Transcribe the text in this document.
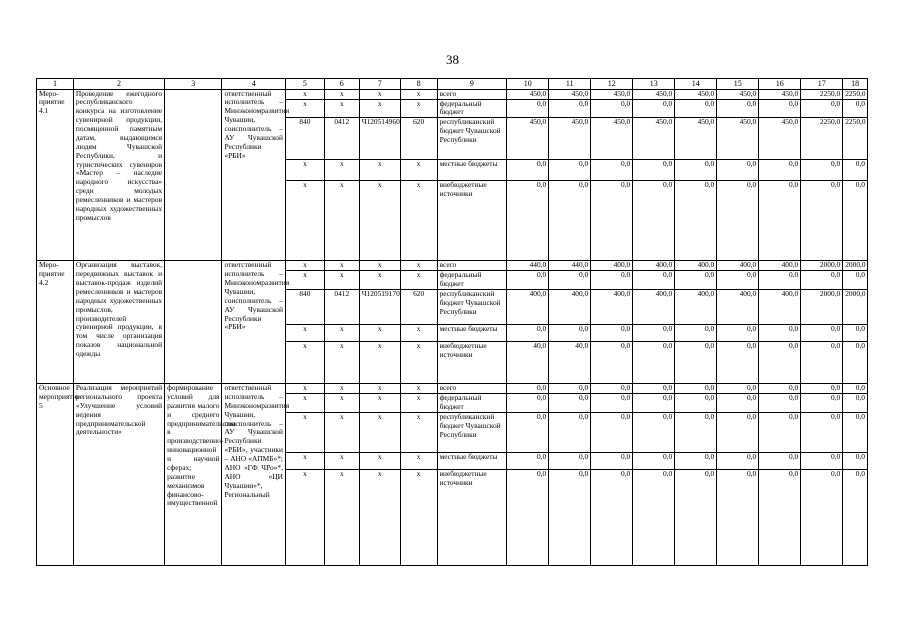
38
1	2	3	4	5	6	7	8	9	10	11	12	13	14	15	16	17	18
Меро-приятие 4.1	Проведение ежегодного республиканского конкурса на изготовление сувенирной продукции, посвященной памятным датам, выдающимся людям Чувашской Республики, и туристических сувениров «Мастер – наследие народного искусства» среди молодых ремесленников и мастеров народных художественных промыслов		ответственный исполнитель – Минэкономразвития Чувашии, соисполнитель – АУ Чувашской Республики «РБИ»	x	x	x	x	всего	450,0	450,0	450,0	450,0	450,0	450,0	450,0	2250,0	2250,0
				x	x	x	x	федеральный бюджет	0,0	0,0	0,0	0,0	0,0	0,0	0,0	0,0	0,0
				840	0412	Ч120514960	620	республиканский бюджет Чувашской Республики	450,0	450,0	450,0	450,0	450,0	450,0	450,0	2250,0	2250,0
				x	x	x	x	местные бюджеты	0,0	0,0	0,0	0,0	0,0	0,0	0,0	0,0	0,0
				x	x	x	x	внебюджетные источники	0,0	0,0	0,0	0,0	0,0	0,0	0,0	0,0	0,0
Меро-приятие 4.2	Организация выставок, передвижных выставок и выставок-продаж изделий ремесленников и мастеров народных художественных промыслов, производителей сувенирной продукции, в том числе организация показов национальной одежды		ответственный исполнитель – Минэкономразвития Чувашии, соисполнитель – АУ Чувашской Республики «РБИ»	x	x	x	x	всего	440,0	440,0	400,0	400,0	400,0	400,0	400,0	2000,0	2000,0
				x	x	x	x	федеральный бюджет	0,0	0,0	0,0	0,0	0,0	0,0	0,0	0,0	0,0
				840	0412	Ч120519170	620	республиканский бюджет Чувашской Республики	400,0	400,0	400,0	400,0	400,0	400,0	400,0	2000,0	2000,0
				x	x	x	x	местные бюджеты	0,0	0,0	0,0	0,0	0,0	0,0	0,0	0,0	0,0
				x	x	x	x	внебюджетные источники	40,0	40,0	0,0	0,0	0,0	0,0	0,0	0,0	0,0
Основное мероприятие 5	Реализация мероприятий регионального проекта «Улучшение условий ведения предпринимательской деятельности»	формирование условий для развития малого и среднего предпринимательства в производственно-инновационной и научной сферах; развитие механизмов финансово-имущественной	ответственный исполнитель – Минэкономразвития Чувашии, соисполнитель – АУ Чувашской Республики «РБИ», участники – АНО «АПМБ»*; АНО «ГФ ЧРо»*, АНО «ЦИ Чувашии»*, Региональный	x	x	x	x	всего	0,0	0,0	0,0	0,0	0,0	0,0	0,0	0,0	0,0
				x	x	x	x	федеральный бюджет	0,0	0,0	0,0	0,0	0,0	0,0	0,0	0,0	0,0
				x	x	x	x	республиканский бюджет Чувашской Республики	0,0	0,0	0,0	0,0	0,0	0,0	0,0	0,0	0,0
				x	x	x	x	местные бюджеты	0,0	0,0	0,0	0,0	0,0	0,0	0,0	0,0	0,0
				x	x	x	x	внебюджетные источники	0,0	0,0	0,0	0,0	0,0	0,0	0,0	0,0	0,0
